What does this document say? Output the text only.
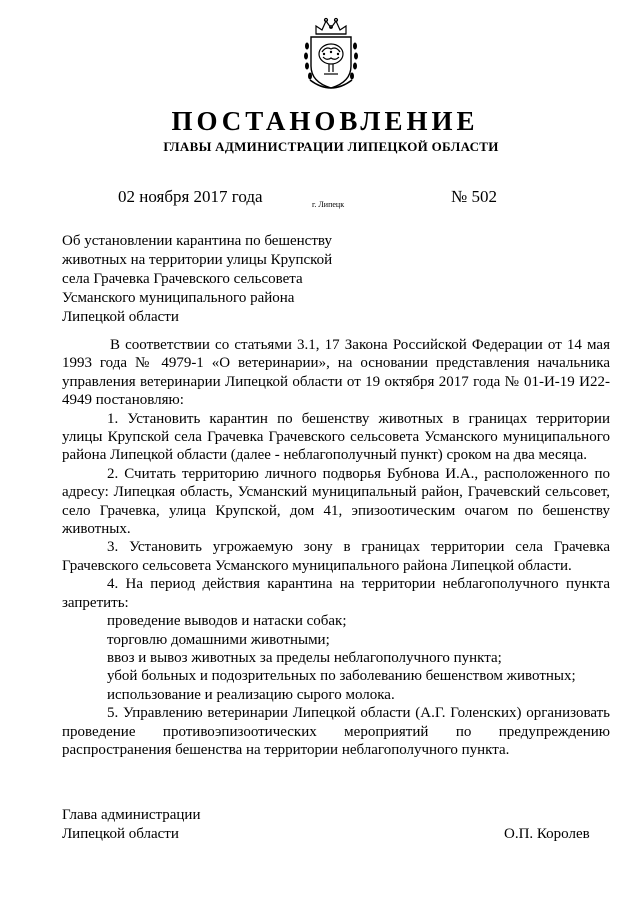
ПОСТАНОВЛЕНИЕ
ГЛАВЫ АДМИНИСТРАЦИИ ЛИПЕЦКОЙ ОБЛАСТИ
02 ноября 2017 года	г. Липецк	№ 502
Об установлении карантина по бешенству
животных на территории улицы Крупской
села Грачевка Грачевского сельсовета
Усманского муниципального района
Липецкой области

В соответствии со статьями 3.1, 17 Закона Российской Федерации от 14 мая 1993 года № 4979-1 «О ветеринарии», на основании представления начальника управления ветеринарии Липецкой области от 19 октября 2017 года № 01-И-19 И22-4949 постановляю:

1. Установить карантин по бешенству животных в границах территории улицы Крупской села Грачевка Грачевского сельсовета Усманского муниципального района Липецкой области (далее - неблагополучный пункт) сроком на два месяца.

2. Считать территорию личного подворья Бубнова И.А., расположенного по адресу: Липецкая область, Усманский муниципальный район, Грачевский сельсовет, село Грачевка, улица Крупской, дом 41, эпизоотическим очагом по бешенству животных.

3. Установить угрожаемую зону в границах территории села Грачевка Грачевского сельсовета Усманского муниципального района Липецкой области.

4. На период действия карантина на территории неблагополучного пункта запретить:

проведение выводов и натаски собак;

торговлю домашними животными;

ввоз и вывоз животных за пределы неблагополучного пункта;

убой больных и подозрительных по заболеванию бешенством животных;

использование и реализацию сырого молока.

5. Управлению ветеринарии Липецкой области (А.Г. Голенских) организовать проведение противоэпизоотических мероприятий по предупреждению распространения бешенства на территории неблагополучного пункта.

Глава администрации
Липецкой области	О.П. Королев
